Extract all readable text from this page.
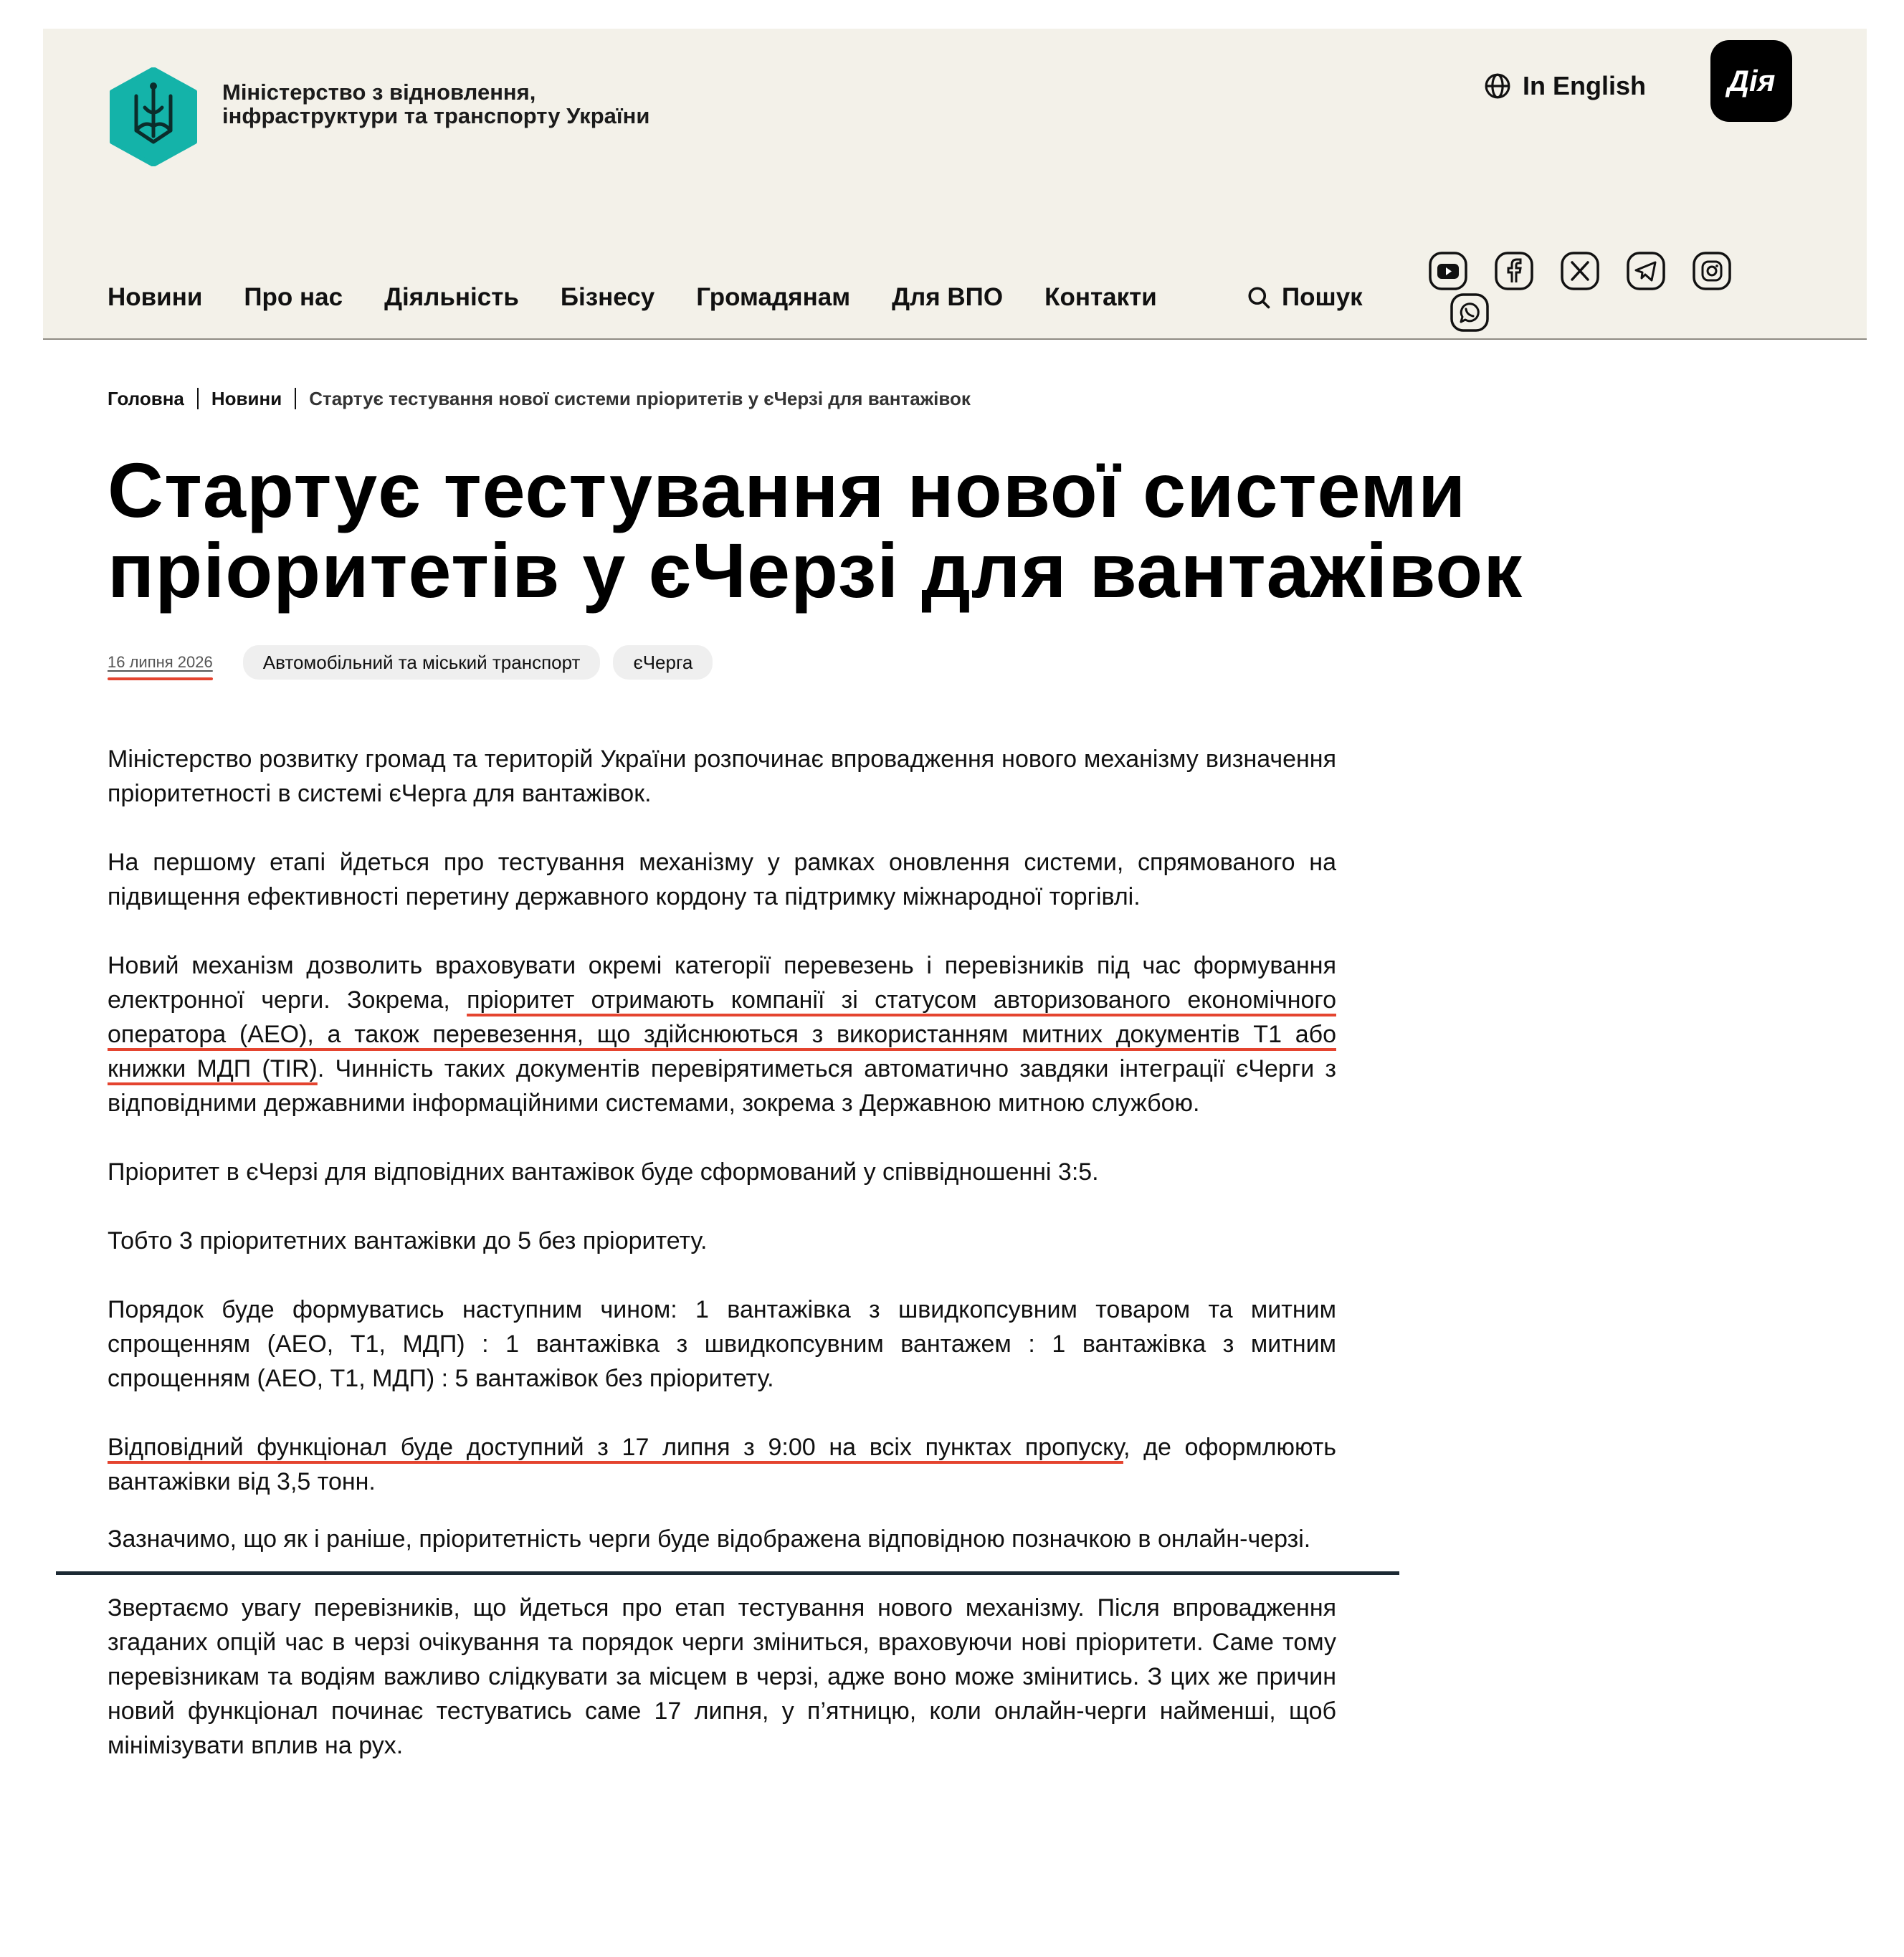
Міністерство з відновлення, інфраструктури та транспорту України
In English	Дія
Новини Про нас Діяльність Бізнесу Громадянам Для ВПО Контакти	Пошук
Головна Новини Стартує тестування нової системи пріоритетів у єЧерзі для вантажівок
Стартує тестування нової системи пріоритетів у єЧерзі для вантажівок
16 липня 2026	Автомобільний та міський транспорт	єЧерга

Міністерство розвитку громад та територій України розпочинає впровадження нового механізму визначення пріоритетності в системі єЧерга для вантажівок.

На першому етапі йдеться про тестування механізму у рамках оновлення системи, спрямованого на підвищення ефективності перетину державного кордону та підтримку міжнародної торгівлі.

Новий механізм дозволить враховувати окремі категорії перевезень і перевізників під час формування електронної черги. Зокрема, пріоритет отримають компанії зі статусом авторизованого економічного оператора (AEO), а також перевезення, що здійснюються з використанням митних документів Т1 або книжки МДП (TIR). Чинність таких документів перевірятиметься автоматично завдяки інтеграції єЧерги з відповідними державними інформаційними системами, зокрема з Державною митною службою.

Пріоритет в єЧерзі для відповідних вантажівок буде сформований у співвідношенні 3:5.

Тобто 3 пріоритетних вантажівки до 5 без пріоритету.

Порядок буде формуватись наступним чином: 1 вантажівка з швидкопсувним товаром та митним спрощенням (AEO, Т1, МДП) : 1 вантажівка з швидкопсувним вантажем : 1 вантажівка з митним спрощенням (AEO, Т1, МДП) : 5 вантажівок без пріоритету.

Відповідний функціонал буде доступний з 17 липня з 9:00 на всіх пунктах пропуску, де оформлюють вантажівки від 3,5 тонн.

Зазначимо, що як і раніше, пріоритетність черги буде відображена відповідною позначкою в онлайн-черзі.

Звертаємо увагу перевізників, що йдеться про етап тестування нового механізму. Після впровадження згаданих опцій час в черзі очікування та порядок черги зміниться, враховуючи нові пріоритети. Саме тому перевізникам та водіям важливо слідкувати за місцем в черзі, адже воно може змінитись. З цих же причин новий функціонал починає тестуватись саме 17 липня, у п’ятницю, коли онлайн-черги найменші, щоб мінімізувати вплив на рух.
